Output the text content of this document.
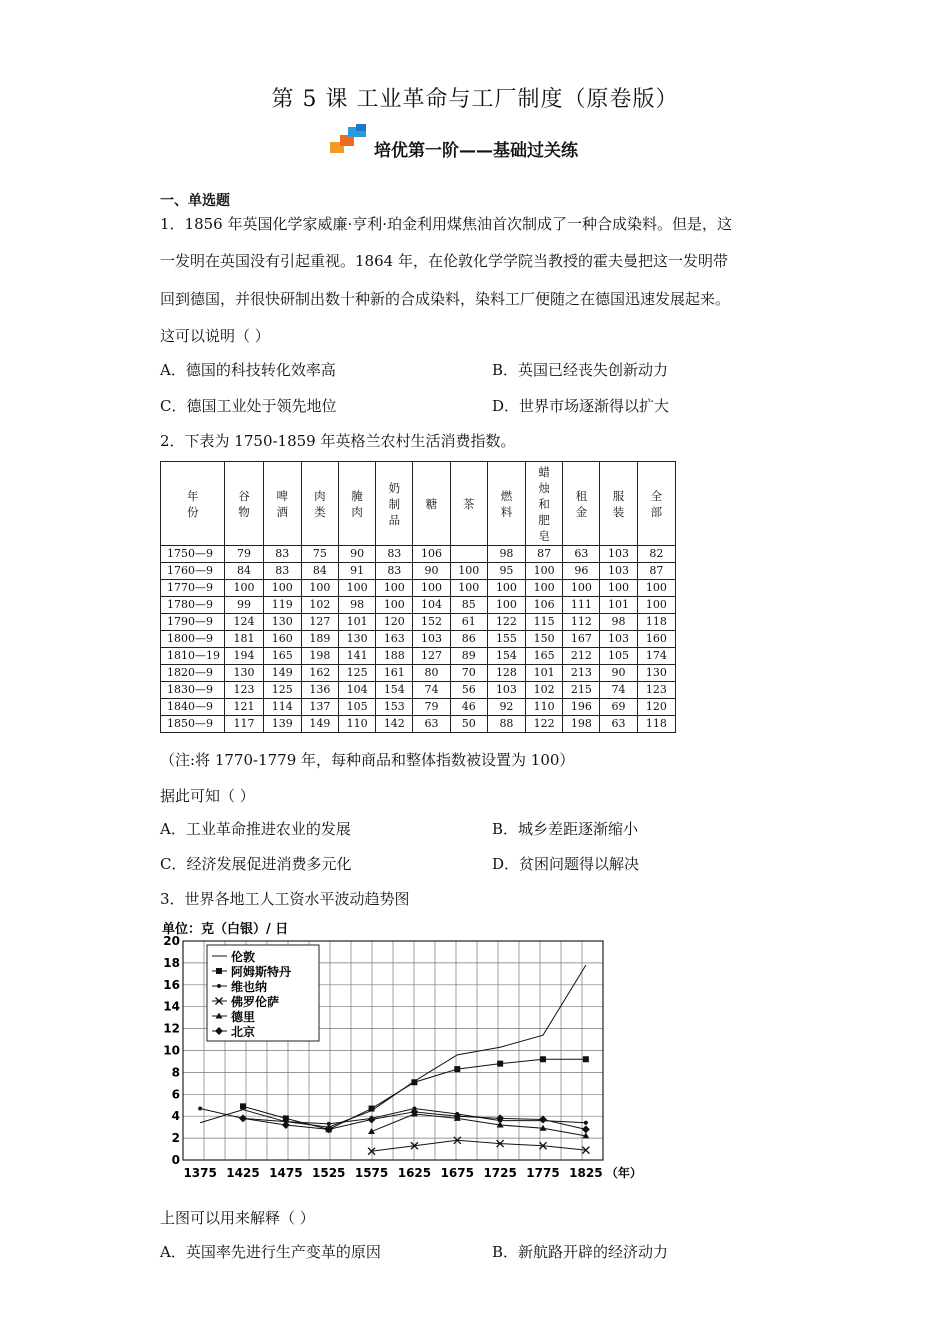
第 5 课 工业革命与工厂制度（原卷版）
培优第一阶——基础过关练
一、单选题
1．1856 年英国化学家威廉·亨利·珀金利用煤焦油首次制成了一种合成染料。但是，这
一发明在英国没有引起重视。1864 年，在伦敦化学学院当教授的霍夫曼把这一发明带
回到德国，并很快研制出数十种新的合成染料，染料工厂便随之在德国迅速发展起来。
这可以说明（ ）
A．德国的科技转化效率高	B．英国已经丧失创新动力
C．德国工业处于领先地位	D．世界市场逐渐得以扩大
2．下表为 1750-1859 年英格兰农村生活消费指数。
年份	谷物	啤酒	肉类	腌肉	奶制品	糖	茶	燃料	蜡烛和肥皂	租金	服装	全部
1750—9	79	83	75	90	83	106		98	87	63	103	82
1760—9	84	83	84	91	83	90	100	95	100	96	103	87
1770—9	100	100	100	100	100	100	100	100	100	100	100	100
1780—9	99	119	102	98	100	104	85	100	106	111	101	100
1790—9	124	130	127	101	120	152	61	122	115	112	98	118
1800—9	181	160	189	130	163	103	86	155	150	167	103	160
1810—19	194	165	198	141	188	127	89	154	165	212	105	174
1820—9	130	149	162	125	161	80	70	128	101	213	90	130
1830—9	123	125	136	104	154	74	56	103	102	215	74	123
1840—9	121	114	137	105	153	79	46	92	110	196	69	120
1850—9	117	139	149	110	142	63	50	88	122	198	63	118
（注:将 1770-1779 年，每种商品和整体指数被设置为 100）
据此可知（ ）
A．工业革命推进农业的发展	B．城乡差距逐渐缩小
C．经济发展促进消费多元化	D．贫困问题得以解决
3．世界各地工人工资水平波动趋势图
0
2
4
6
8
10
12
14
16
18
20
1375 1425 1475 1525 1575 1625 1675 1725 1775 1825 （年）
单位：克（白银）/ 日
伦敦
阿姆斯特丹
维也纳
佛罗伦萨
德里
北京
上图可以用来解释（ ）
A．英国率先进行生产变革的原因	B．新航路开辟的经济动力
